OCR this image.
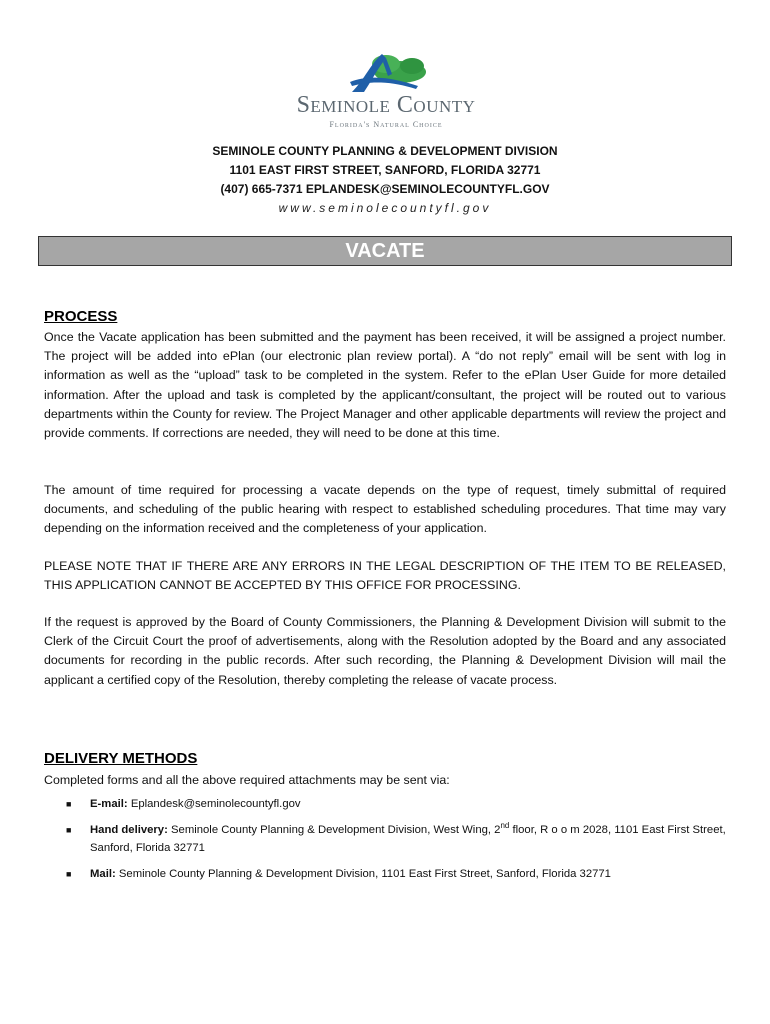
Seminole County
Florida's Natural Choice
SEMINOLE COUNTY PLANNING & DEVELOPMENT DIVISION
1101 EAST FIRST STREET, SANFORD, FLORIDA 32771
(407) 665-7371 EPLANDESK@SEMINOLECOUNTYFL.GOV
www.seminolecountyfl.gov
VACATE
PROCESS

Once the Vacate application has been submitted and the payment has been received, it will be assigned a project number. The project will be added into ePlan (our electronic plan review portal). A “do not reply” email will be sent with log in information as well as the “upload” task to be completed in the system. Refer to the ePlan User Guide for more detailed information. After the upload and task is completed by the applicant/consultant, the project will be routed out to various departments within the County for review. The Project Manager and other applicable departments will review the project and provide comments. If corrections are needed, they will need to be done at this time.

The amount of time required for processing a vacate depends on the type of request, timely submittal of required documents, and scheduling of the public hearing with respect to established scheduling procedures. That time may vary depending on the information received and the completeness of your application.

PLEASE NOTE THAT IF THERE ARE ANY ERRORS IN THE LEGAL DESCRIPTION OF THE ITEM TO BE RELEASED, THIS APPLICATION CANNOT BE ACCEPTED BY THIS OFFICE FOR PROCESSING.

If the request is approved by the Board of County Commissioners, the Planning & Development Division will submit to the Clerk of the Circuit Court the proof of advertisements, along with the Resolution adopted by the Board and any associated documents for recording in the public records. After such recording, the Planning & Development Division will mail the applicant a certified copy of the Resolution, thereby completing the release of vacate process.

DELIVERY METHODS

Completed forms and all the above required attachments may be sent via:

■ E-mail: Eplandesk@seminolecountyfl.gov
■ Hand delivery: Seminole County Planning & Development Division, West Wing, 2nd floor, R o o m 2028, 1101 East First Street, Sanford, Florida 32771
■ Mail: Seminole County Planning & Development Division, 1101 East First Street, Sanford, Florida 32771
